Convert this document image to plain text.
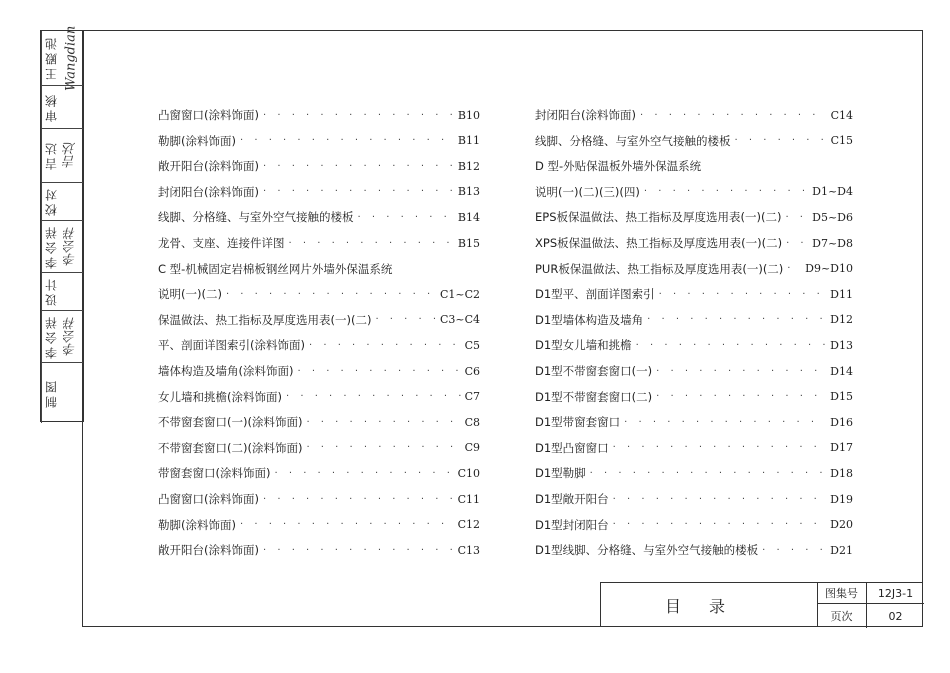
王殿池 Wangdian
审核
吉达 吉达
校对
李会祥 李会祥
设计
李会祥 李会祥
制图
凸窗窗口(涂料饰面) · · ·	B10
勒脚(涂料饰面) · · ·	B11
敞开阳台(涂料饰面) · · ·	B12
封闭阳台(涂料饰面) · · ·	B13
线脚、分格缝、与室外空气接触的楼板 · · ·	B14
龙骨、支座、连接件详图 · · ·	B15
C 型-机械固定岩棉板钢丝网片外墙外保温系统
说明(一)(二) · · ·	C1~C2
保温做法、热工指标及厚度选用表(一)(二) · · ·	C3~C4
平、剖面详图索引(涂料饰面) · · ·	C5
墙体构造及墙角(涂料饰面) · · ·	C6
女儿墙和挑檐(涂料饰面) · · ·	C7
不带窗套窗口(一)(涂料饰面) · · ·	C8
不带窗套窗口(二)(涂料饰面) · · ·	C9
带窗套窗口(涂料饰面) · · ·	C10
凸窗窗口(涂料饰面) · · ·	C11
勒脚(涂料饰面) · · ·	C12
敞开阳台(涂料饰面) · · ·	C13
封闭阳台(涂料饰面) · · ·	C14
线脚、分格缝、与室外空气接触的楼板 · · ·	C15
D 型-外贴保温板外墙外保温系统
说明(一)(二)(三)(四) · · ·	D1~D4
EPS板保温做法、热工指标及厚度选用表(一)(二) · · ·	D5~D6
XPS板保温做法、热工指标及厚度选用表(一)(二) · · ·	D7~D8
PUR板保温做法、热工指标及厚度选用表(一)(二) · · · D9~D10
D1型平、剖面详图索引 · · ·	D11
D1型墙体构造及墙角 · · ·	D12
D1型女儿墙和挑檐 · · ·	D13
D1型不带窗套窗口(一) · · ·	D14
D1型不带窗套窗口(二) · · ·	D15
D1型带窗套窗口 · · ·	D16
D1型凸窗窗口 · · ·	D17
D1型勒脚 · · ·	D18
D1型敞开阳台 · · ·	D19
D1型封闭阳台 · · ·	D20
D1型线脚、分格缝、与室外空气接触的楼板 · · ·	D21
目录
图集号	12J3-1
页次	02
